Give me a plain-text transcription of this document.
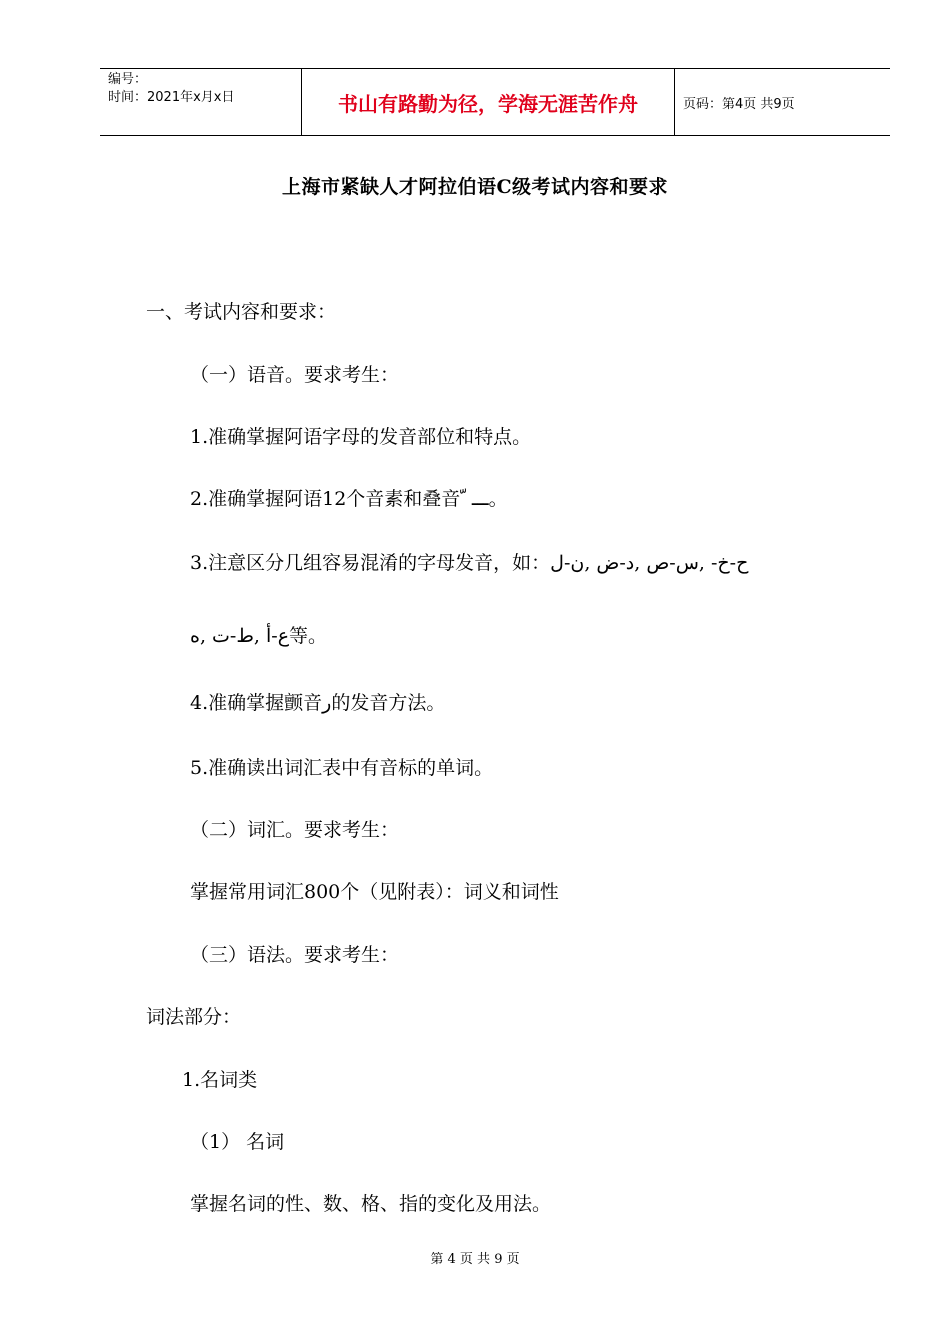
编号：
时间：2021年x月x日	书山有路勤为径，学海无涯苦作舟	页码：第4页 共9页
上海市紧缺人才阿拉伯语C级考试内容和要求
一、考试内容和要求：
（一）语音。要求考生：
1.准确掌握阿语字母的发音部位和特点。
2.准确掌握阿语12个音素和叠音 ّ ـــ。
3.注意区分几组容易混淆的字母发音，如：ح-خ- ,س-ص ,د-ض ,ن-ل
ع-أ ,ط-ت ,ه等。
4.准确掌握颤音ر的发音方法。
5.准确读出词汇表中有音标的单词。
（二）词汇。要求考生：
掌握常用词汇800个（见附表）：词义和词性
（三）语法。要求考生：
词法部分：
1.名词类
（1） 名词
掌握名词的性、数、格、指的变化及用法。
第 4 页 共 9 页
